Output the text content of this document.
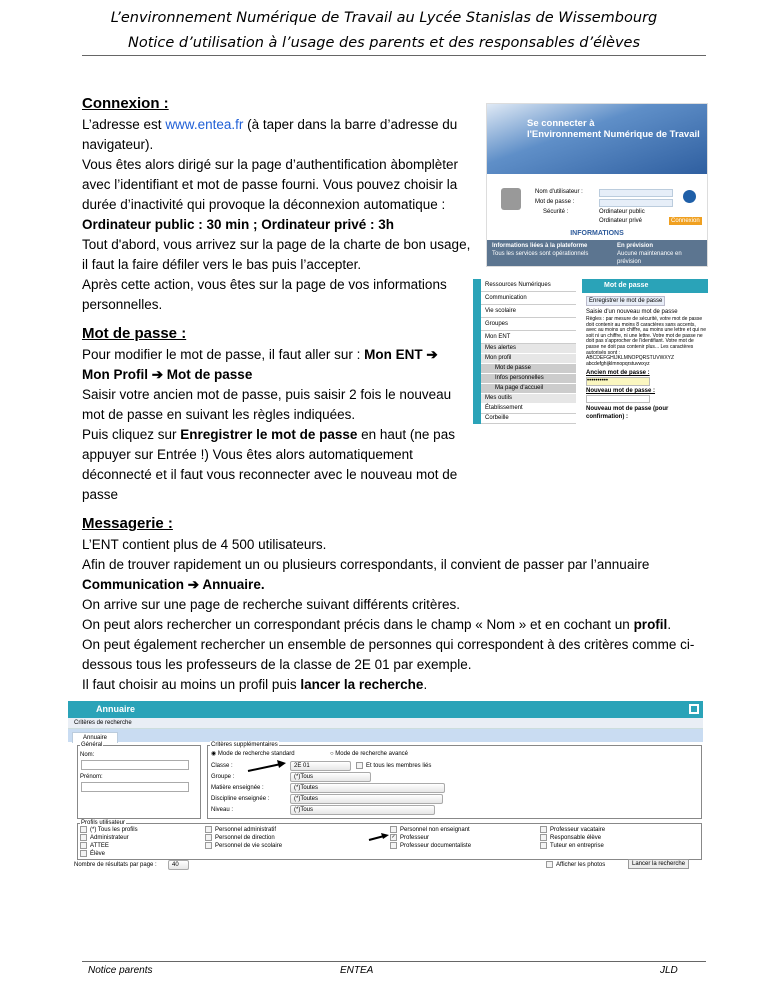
L’environnement Numérique de Travail au Lycée Stanislas de Wissembourg
Notice d’utilisation à l’usage des parents et des responsables d’élèves
Connexion :

L’adresse est www.entea.fr (à taper dans la barre d’adresse du navigateur).

Vous êtes alors dirigé sur la page d’authentification àbomplèter avec l’identifiant et mot de passe fourni. Vous pouvez choisir la durée d’inactivité qui provoque la déconnexion automatique :

Ordinateur public : 30 min ; Ordinateur privé : 3h

Tout d'abord, vous arrivez sur la page de la charte de bon usage, il faut la faire défiler vers le bas puis l’accepter.

Après cette action, vous êtes sur la page de vos informations personnelles.

Se connecter à
l'Environnement Numérique de Travail
Nom d'utilisateur :
Mot de passe :
Sécurité :	Ordinateur public
Ordinateur privé	Connexion
INFORMATIONS
Informations liées à la plateforme
Tous les services sont opérationnels
En prévision
Aucune maintenance en prévision
Mot de passe :

Pour modifier le mot de passe, il faut aller sur : Mon ENT ➔ Mon Profil ➔ Mot de passe

Saisir votre ancien mot de passe, puis saisir 2 fois le nouveau mot de passe en suivant les règles indiquées.

Puis cliquez sur Enregistrer le mot de passe en haut (ne pas appuyer sur Entrée !) Vous êtes alors automatiquement déconnecté et il faut vous reconnecter avec le nouveau mot de passe

Ressources Numériques
Communication
Vie scolaire
Groupes
Mon ENT
Mes alertes
Mon profil
Mot de passe
Infos personnelles
Ma page d'accueil
Mes outils
Établissement
Corbeille
Mot de passe
Enregistrer le mot de passe
Saisie d'un nouveau mot de passe
Règles : par mesure de sécurité, votre mot de passe doit contenir au moins 8 caractères sans accents, avec au moins un chiffre, au moins une lettre et qui ne soit ni un chiffre, ni une lettre. Votre mot de passe ne doit pas s'approcher de l'identifiant. Votre mot de passe ne doit pas contenir plus... Les caractères autorisés sont : ABCDEFGHIJKLMNOPQRSTUVWXYZ abcdefghijklmnopqrstuvwxyz
Ancien mot de passe :
••••••••••
Nouveau mot de passe :
Nouveau mot de passe (pour confirmation) :
Messagerie :

L’ENT contient plus de 4 500 utilisateurs.

Afin de trouver rapidement un ou plusieurs correspondants, il convient de passer par l’annuaire

Communication ➔ Annuaire.

On arrive sur une page de recherche suivant différents critères.

On peut alors rechercher un correspondant précis dans le champ « Nom » et en cochant un profil.

On peut également rechercher un ensemble de personnes qui correspondent à des critères comme ci-dessous tous les professeurs de la classe de 2E 01 par exemple.

Il faut choisir au moins un profil puis lancer la recherche.

Annuaire
Critères de recherche
Annuaire
Général
Nom:
Prénom:
Critères supplémentaires
◉ Mode de recherche standard	○ Mode de recherche avancé
Classe :	2E 01	Et tous les membres liés
Groupe :	(*)Tous
Matière enseignée :	(*)Toutes
Discipline enseignée :	(*)Toutes
Niveau :	(*)Tous
Profils utilisateur
(*) Tous les profils	Personnel administratif	Personnel non enseignant	Professeur vacataire
Administrateur	Personnel de direction	✓ Professeur	Responsable élève
ATTEE	Personnel de vie scolaire	Professeur documentaliste	Tuteur en entreprise
Élève
Nombre de résultats par page :	40	Afficher les photos	Lancer la recherche
Notice parents	ENTEA	JLD
